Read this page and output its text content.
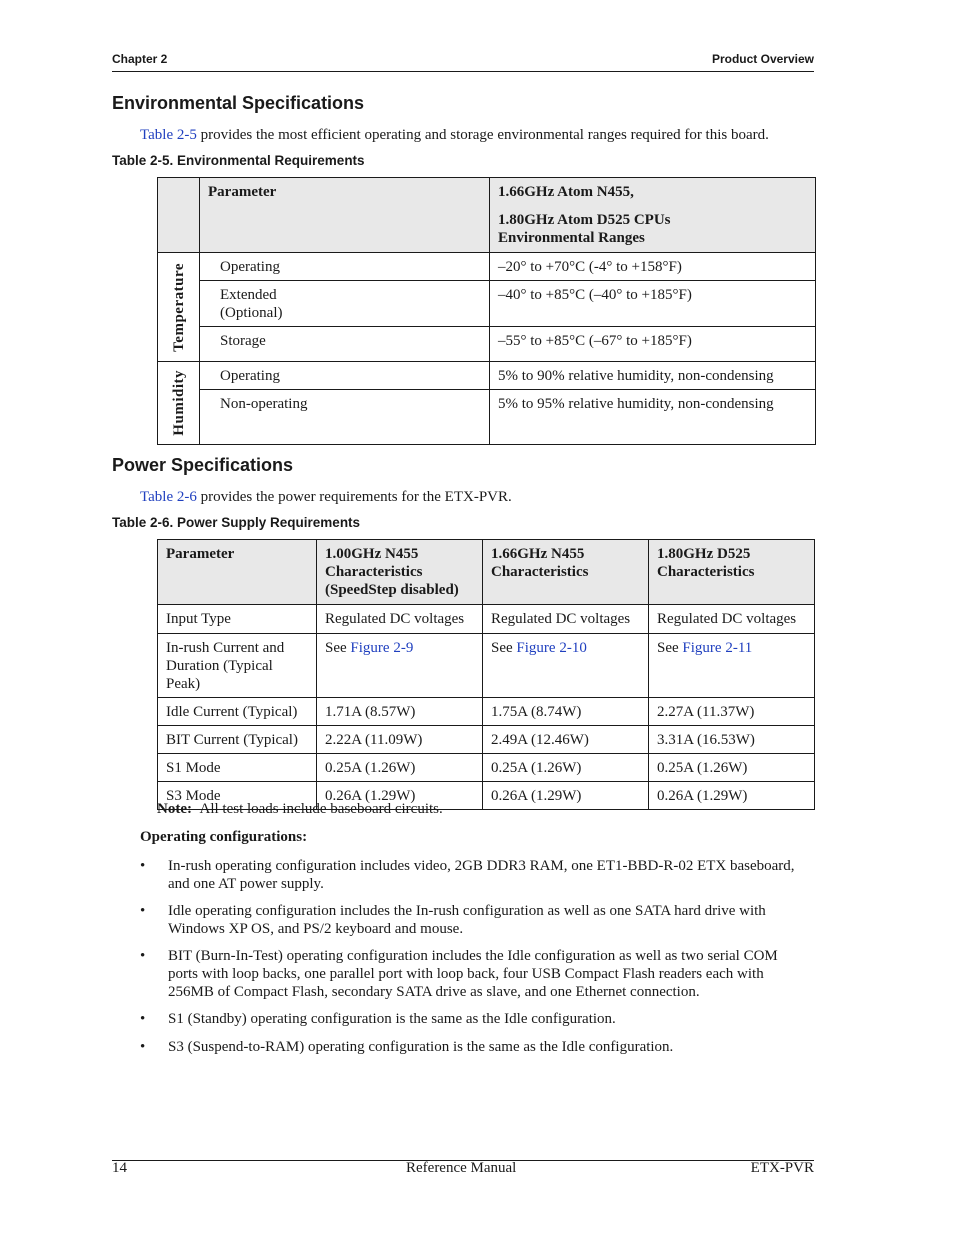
Chapter 2	Product Overview
Environmental Specifications
Table 2-5 provides the most efficient operating and storage environmental ranges required for this board.
Table 2-5. Environmental Requirements

	Parameter	1.66GHz Atom N455,
1.80GHz Atom D525 CPUs
Environmental Ranges

Temperature	Operating	–20° to +70°C (-4° to +158°F)

	Extended (Optional)	–40° to +85°C (–40° to +185°F)

	Storage	–55° to +85°C (–67° to +185°F)

Humidity	Operating	5% to 90% relative humidity, non-condensing

	Non-operating	5% to 95% relative humidity, non-condensing
Power Specifications
Table 2-6 provides the power requirements for the ETX-PVR.
Table 2-6. Power Supply Requirements
Parameter	1.00GHz N455 Characteristics (SpeedStep disabled)	1.66GHz N455 Characteristics	1.80GHz D525 Characteristics

Input Type	Regulated DC voltages	Regulated DC voltages	Regulated DC voltages

In-rush Current and Duration (Typical Peak)	See Figure 2-9	See Figure 2-10	See Figure 2-11

Idle Current (Typical)	1.71A (8.57W)	1.75A (8.74W)	2.27A (11.37W)

BIT Current (Typical)	2.22A (11.09W)	2.49A (12.46W)	3.31A (16.53W)

S1 Mode	0.25A (1.26W)	0.25A (1.26W)	0.25A (1.26W)

S3 Mode	0.26A (1.29W)	0.26A (1.29W)	0.26A (1.29W)
Note: All test loads include baseboard circuits.
Operating configurations:
• In-rush operating configuration includes video, 2GB DDR3 RAM, one ET1-BBD-R-02 ETX baseboard, and one AT power supply.
• Idle operating configuration includes the In-rush configuration as well as one SATA hard drive with Windows XP OS, and PS/2 keyboard and mouse.
• BIT (Burn-In-Test) operating configuration includes the Idle configuration as well as two serial COM ports with loop backs, one parallel port with loop back, four USB Compact Flash readers each with 256MB of Compact Flash, secondary SATA drive as slave, and one Ethernet connection.
• S1 (Standby) operating configuration is the same as the Idle configuration.
• S3 (Suspend-to-RAM) operating configuration is the same as the Idle configuration.
14	Reference Manual	ETX-PVR
